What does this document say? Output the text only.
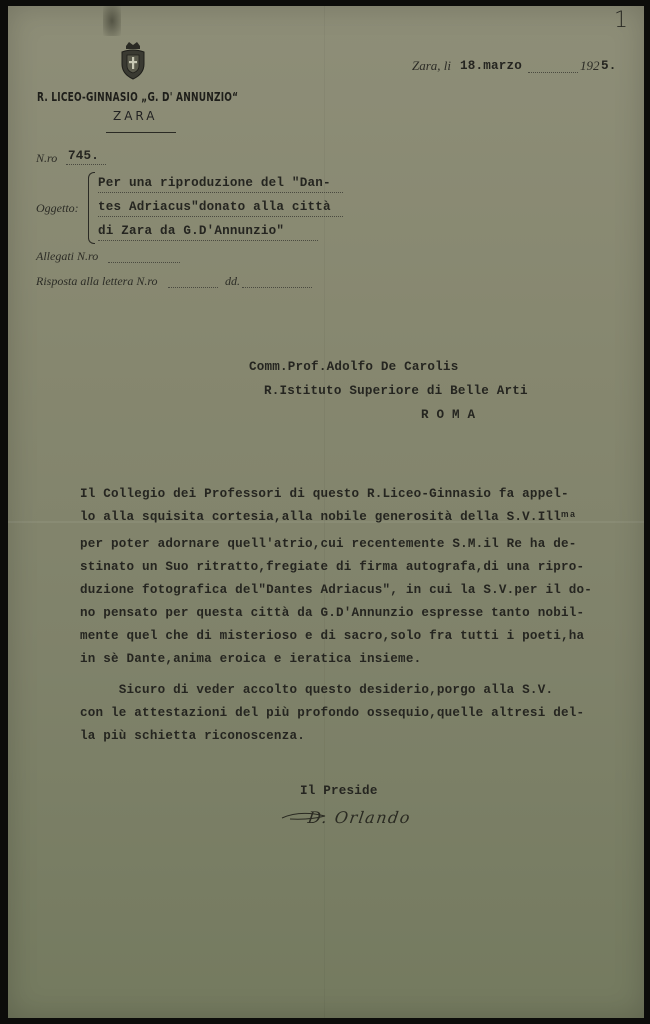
1
R. LICEO-GINNASIO „G. D' ANNUNZIO“
ZARA
Zara, li 18.marzo	192 5.
N.ro 745.
Oggetto:
Per una riproduzione del "Dan-
tes Adriacus"donato alla città
di Zara da G.D'Annunzio"
Allegati N.ro
Risposta alla lettera N.ro	dd.
Comm.Prof.Adolfo De Carolis
R.Istituto Superiore di Belle Arti
R O M A
Il Collegio dei Professori di questo R.Liceo-Ginnasio fa appel-
lo alla squisita cortesia,alla nobile generosità della S.V.Illᵐᵃ
per poter adornare quell'atrio,cui recentemente S.M.il Re ha de-
stinato un Suo ritratto,fregiate di firma autografa,di una ripro-
duzione fotografica del"Dantes Adriacus", in cui la S.V.per il do-
no pensato per questa città da G.D'Annunzio espresse tanto nobil-
mente quel che di misterioso e di sacro,solo fra tutti i poeti,ha
in sè Dante,anima eroica e ieratica insieme.
Sicuro di veder accolto questo desiderio,porgo alla S.V.
con le attestazioni del più profondo ossequio,quelle altresi del-
la più schietta riconoscenza.
Il Preside
D. Orlando
